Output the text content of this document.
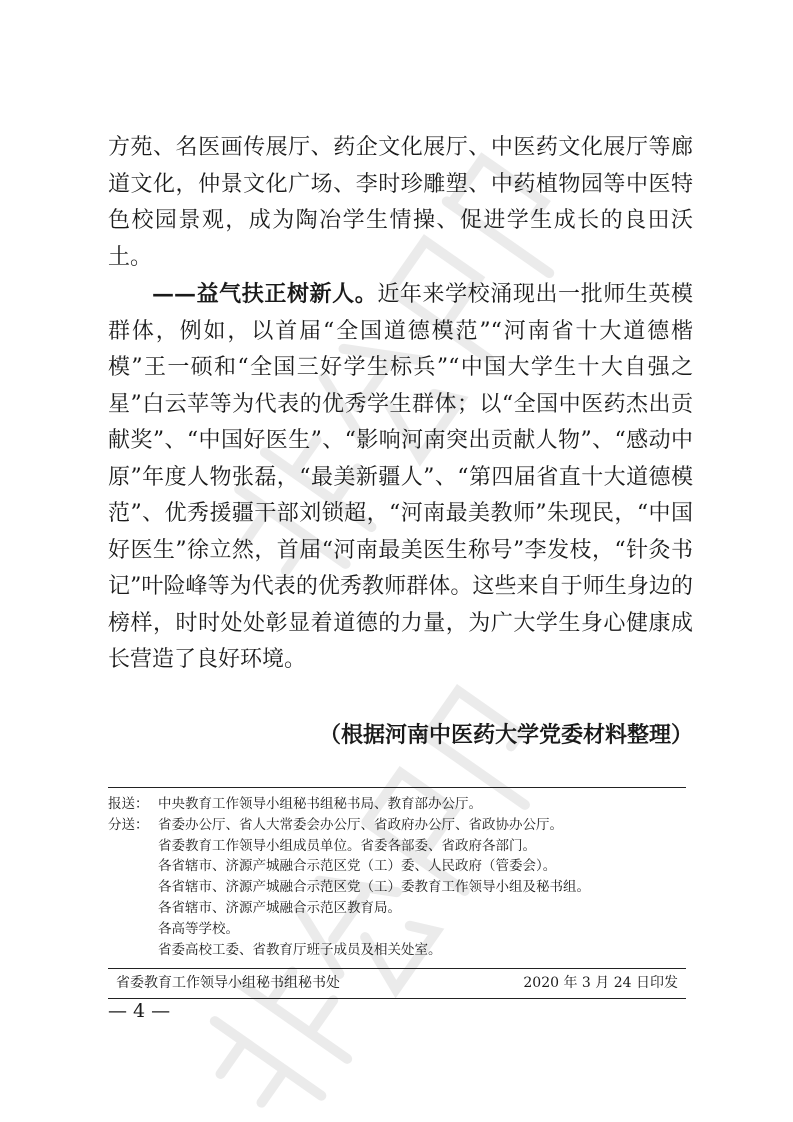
方苑、名医画传展厅、药企文化展厅、中医药文化展厅等廊道文化，仲景文化广场、李时珍雕塑、中药植物园等中医特色校园景观，成为陶冶学生情操、促进学生成长的良田沃土。

——益气扶正树新人。近年来学校涌现出一批师生英模群体，例如，以首届“全国道德模范”“河南省十大道德楷模”王一硕和“全国三好学生标兵”“中国大学生十大自强之星”白云苹等为代表的优秀学生群体；以“全国中医药杰出贡献奖”、“中国好医生”、“影响河南突出贡献人物”、“感动中原”年度人物张磊，“最美新疆人”、“第四届省直十大道德模范”、优秀援疆干部刘锁超，“河南最美教师”朱现民，“中国好医生”徐立然，首届“河南最美医生称号”李发枝，“针灸书记”叶险峰等为代表的优秀教师群体。这些来自于师生身边的榜样，时时处处彰显着道德的力量，为广大学生身心健康成长营造了良好环境。

（根据河南中医药大学党委材料整理）
报送： 中央教育工作领导小组秘书组秘书局、教育部办公厅。
分送： 省委办公厅、省人大常委会办公厅、省政府办公厅、省政协办公厅。
省委教育工作领导小组成员单位。省委各部委、省政府各部门。
各省辖市、济源产城融合示范区党（工）委、人民政府（管委会）。
各省辖市、济源产城融合示范区党（工）委教育工作领导小组及秘书组。
各省辖市、济源产城融合示范区教育局。
各高等学校。
省委高校工委、省教育厅班子成员及相关处室。
省委教育工作领导小组秘书组秘书处	2020 年 3 月 24 日印发
— 4 —
